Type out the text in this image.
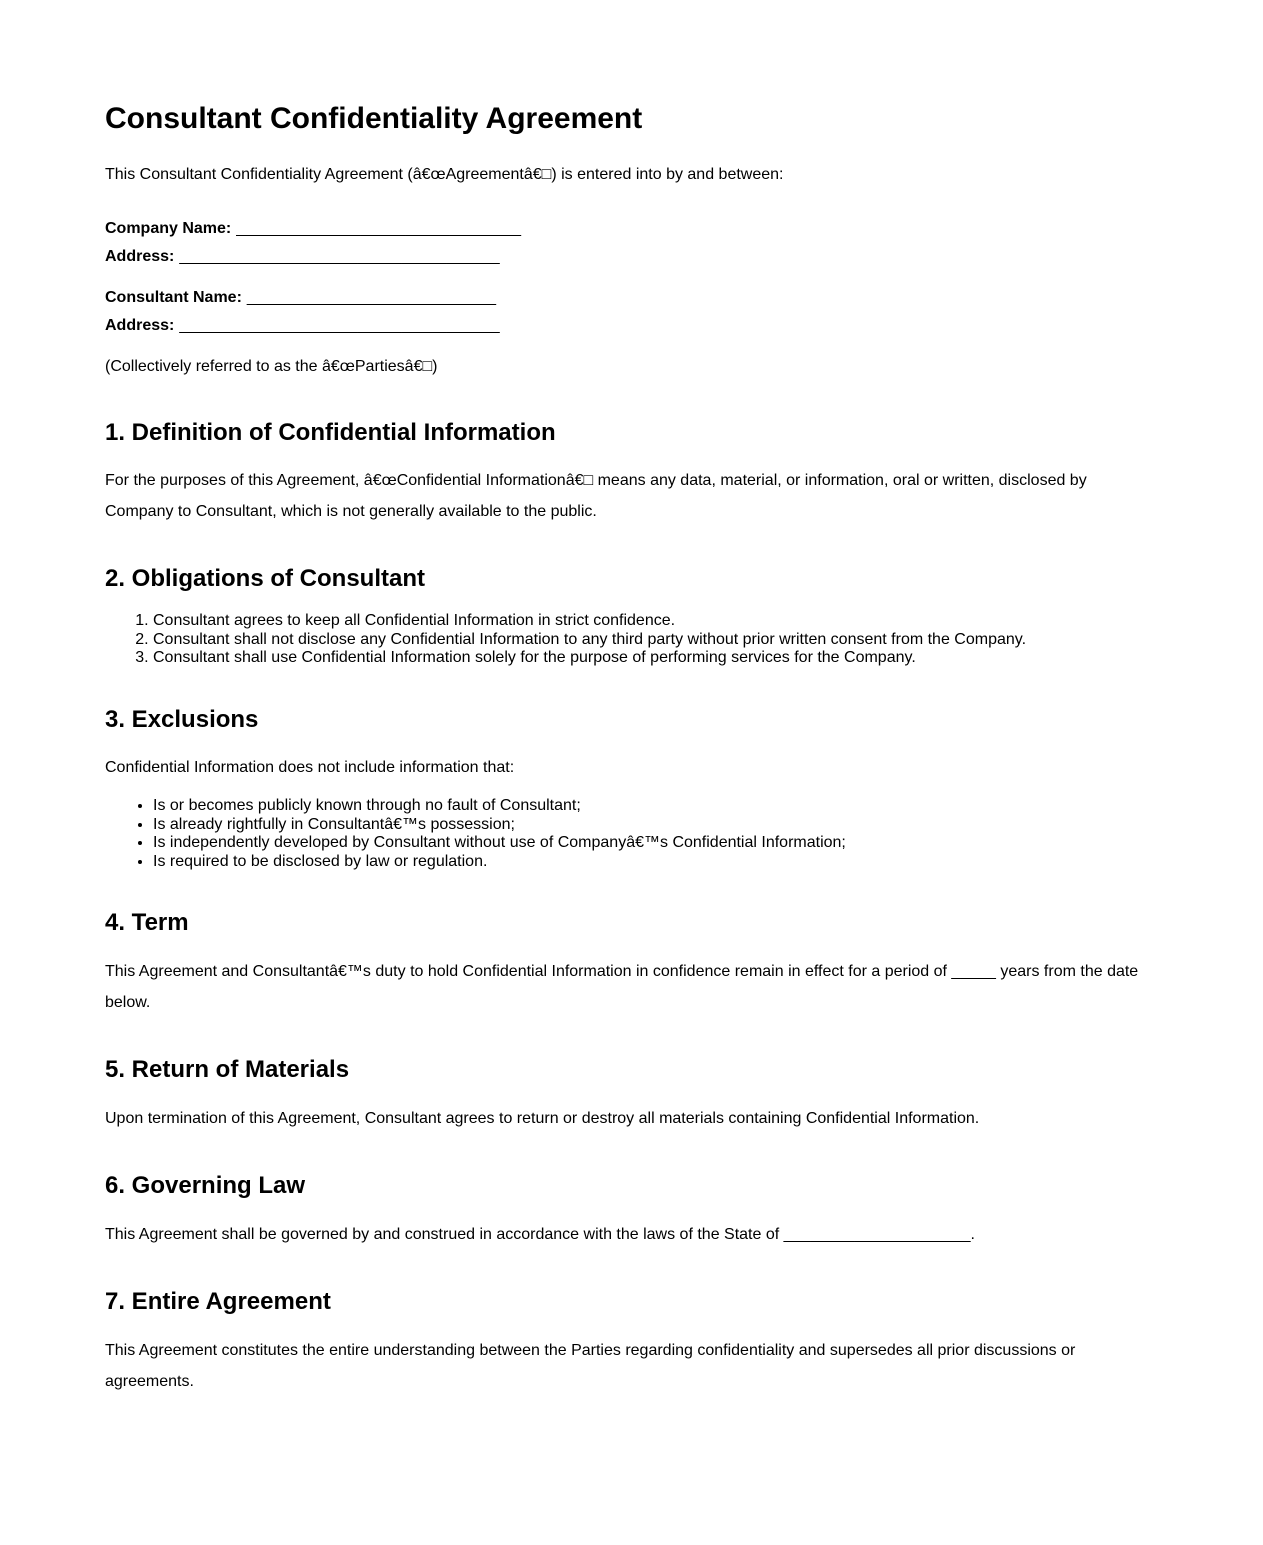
Consultant Confidentiality Agreement

This Consultant Confidentiality Agreement (â€œAgreementâ€□) is entered into by and between:

Company Name: ________________________________

Address: ____________________________________

Consultant Name: ____________________________

Address: ____________________________________

(Collectively referred to as the â€œPartiesâ€□)

1. Definition of Confidential Information

For the purposes of this Agreement, â€œConfidential Informationâ€□ means any data, material, or information, oral or written, disclosed by Company to Consultant, which is not generally available to the public.

2. Obligations of Consultant
1. Consultant agrees to keep all Confidential Information in strict confidence.
2. Consultant shall not disclose any Confidential Information to any third party without prior written consent from the Company.
3. Consultant shall use Confidential Information solely for the purpose of performing services for the Company.
3. Exclusions

Confidential Information does not include information that:

• Is or becomes publicly known through no fault of Consultant;
• Is already rightfully in Consultantâ€™s possession;
• Is independently developed by Consultant without use of Companyâ€™s Confidential Information;
• Is required to be disclosed by law or regulation.
4. Term

This Agreement and Consultantâ€™s duty to hold Confidential Information in confidence remain in effect for a period of _____ years from the date below.

5. Return of Materials

Upon termination of this Agreement, Consultant agrees to return or destroy all materials containing Confidential Information.

6. Governing Law

This Agreement shall be governed by and construed in accordance with the laws of the State of _____________________.

7. Entire Agreement

This Agreement constitutes the entire understanding between the Parties regarding confidentiality and supersedes all prior discussions or agreements.
